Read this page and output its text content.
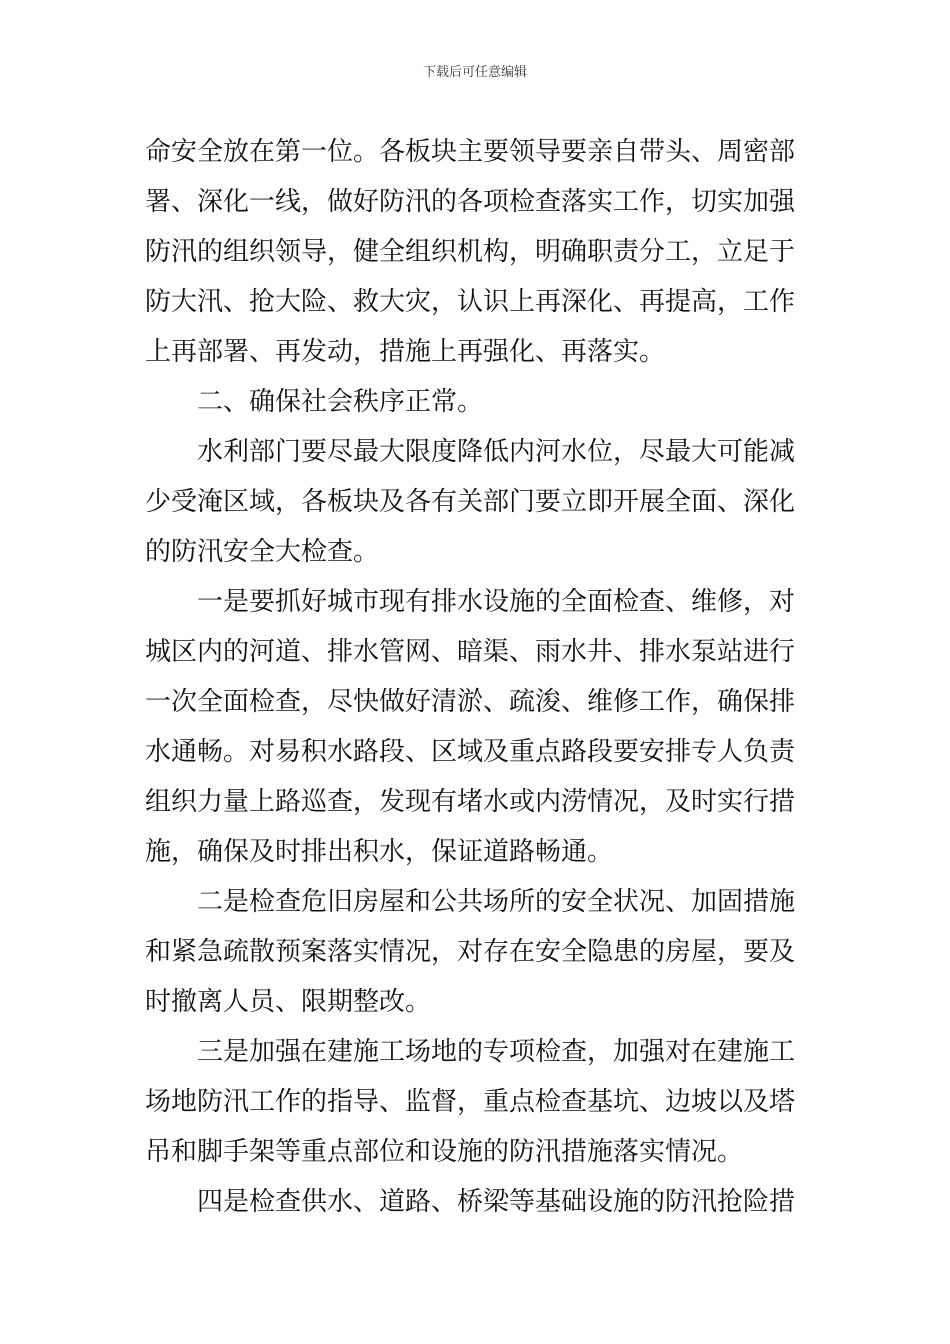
下载后可任意编辑
命安全放在第一位。各板块主要领导要亲自带头、周密部
署、深化一线，做好防汛的各项检查落实工作，切实加强
防汛的组织领导，健全组织机构，明确职责分工，立足于
防大汛、抢大险、救大灾，认识上再深化、再提高，工作
上再部署、再发动，措施上再强化、再落实。
二、确保社会秩序正常。
水利部门要尽最大限度降低内河水位，尽最大可能减
少受淹区域，各板块及各有关部门要立即开展全面、深化
的防汛安全大检查。
一是要抓好城市现有排水设施的全面检查、维修，对
城区内的河道、排水管网、暗渠、雨水井、排水泵站进行
一次全面检查，尽快做好清淤、疏浚、维修工作，确保排
水通畅。对易积水路段、区域及重点路段要安排专人负责
组织力量上路巡查，发现有堵水或内涝情况，及时实行措
施，确保及时排出积水，保证道路畅通。
二是检查危旧房屋和公共场所的安全状况、加固措施
和紧急疏散预案落实情况，对存在安全隐患的房屋，要及
时撤离人员、限期整改。
三是加强在建施工场地的专项检查，加强对在建施工
场地防汛工作的指导、监督，重点检查基坑、边坡以及塔
吊和脚手架等重点部位和设施的防汛措施落实情况。
四是检查供水、道路、桥梁等基础设施的防汛抢险措
